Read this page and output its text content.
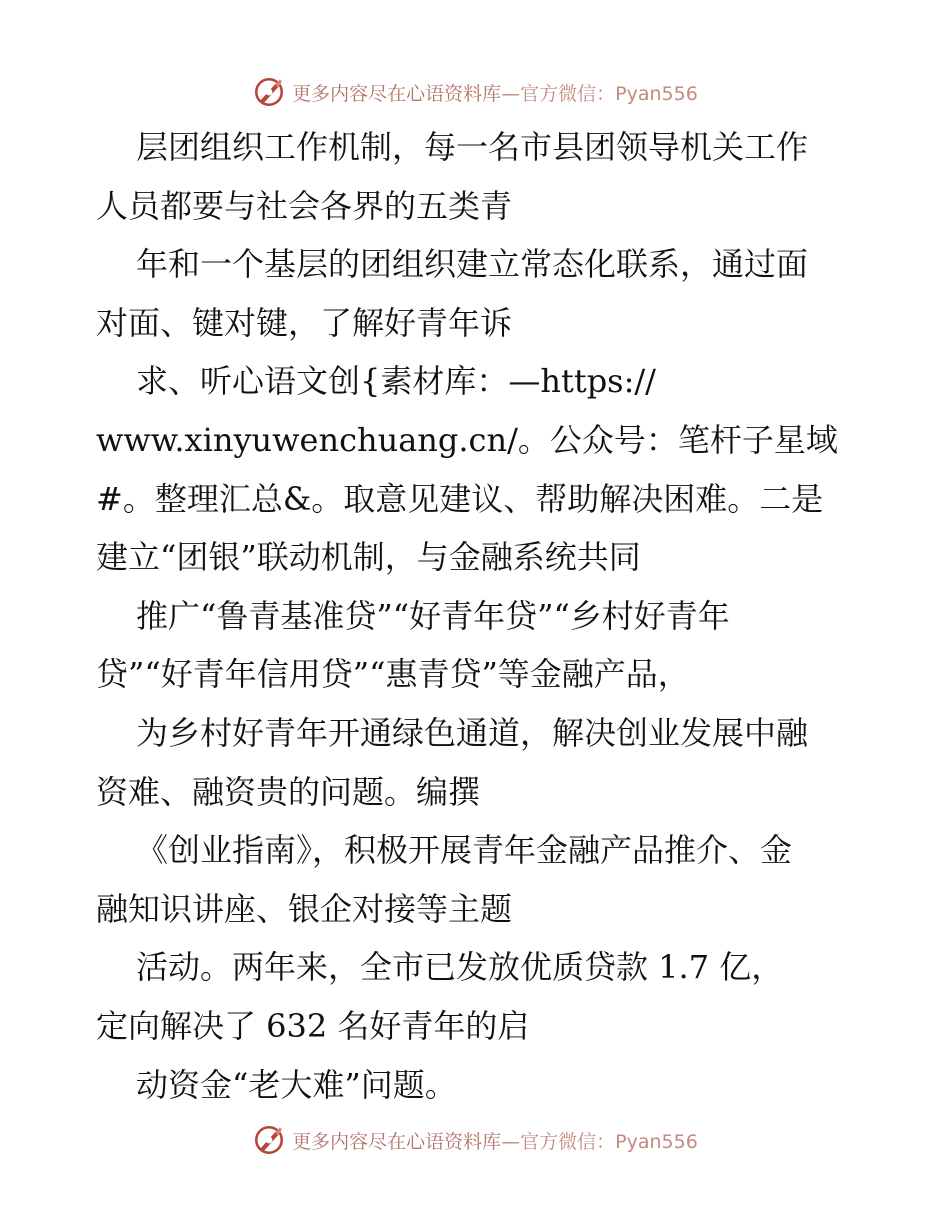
更多内容尽在心语资料库—官方微信：Pyan556
层团组织工作机制，每一名市县团领导机关工作
人员都要与社会各界的五类青
年和一个基层的团组织建立常态化联系，通过面
对面、键对键，了解好青年诉
求、听心语文创{素材库：—https://
www.xinyuwenchuang.cn/。公众号：笔杆子星域
#。整理汇总&。取意见建议、帮助解决困难。二是
建立“团银”联动机制，与金融系统共同
推广“鲁青基准贷”“好青年贷”“乡村好青年
贷”“好青年信用贷”“惠青贷”等金融产品，
为乡村好青年开通绿色通道，解决创业发展中融
资难、融资贵的问题。编撰
《创业指南》，积极开展青年金融产品推介、金
融知识讲座、银企对接等主题
活动。两年来，全市已发放优质贷款 1.7 亿，
定向解决了 632 名好青年的启
动资金“老大难”问题。
更多内容尽在心语资料库—官方微信：Pyan556
